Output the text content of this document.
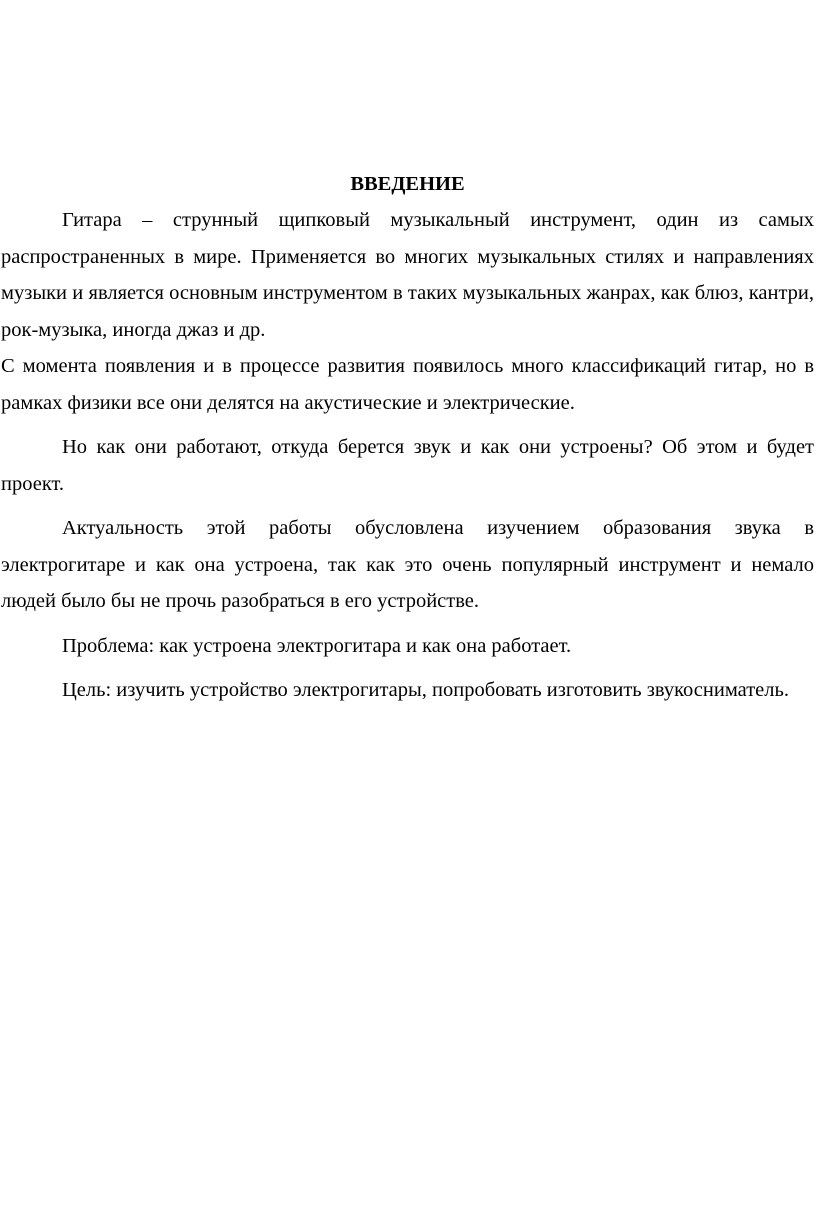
ВВЕДЕНИЕ

Гитара – струнный щипковый музыкальный инструмент, один из самых распространенных в мире. Применяется во многих музыкальных стилях и направлениях музыки и является основным инструментом в таких музыкальных жанрах, как блюз, кантри, рок-музыка, иногда джаз и др.

С момента появления и в процессе развития появилось много классификаций гитар, но в рамках физики все они делятся на акустические и электрические.

Но как они работают, откуда берется звук и как они устроены? Об этом и будет проект.

Актуальность этой работы обусловлена изучением образования звука в электрогитаре и как она устроена, так как это очень популярный инструмент и немало людей было бы не прочь разобраться в его устройстве.

Проблема: как устроена электрогитара и как она работает.

Цель: изучить устройство электрогитары, попробовать изготовить звукосниматель.
